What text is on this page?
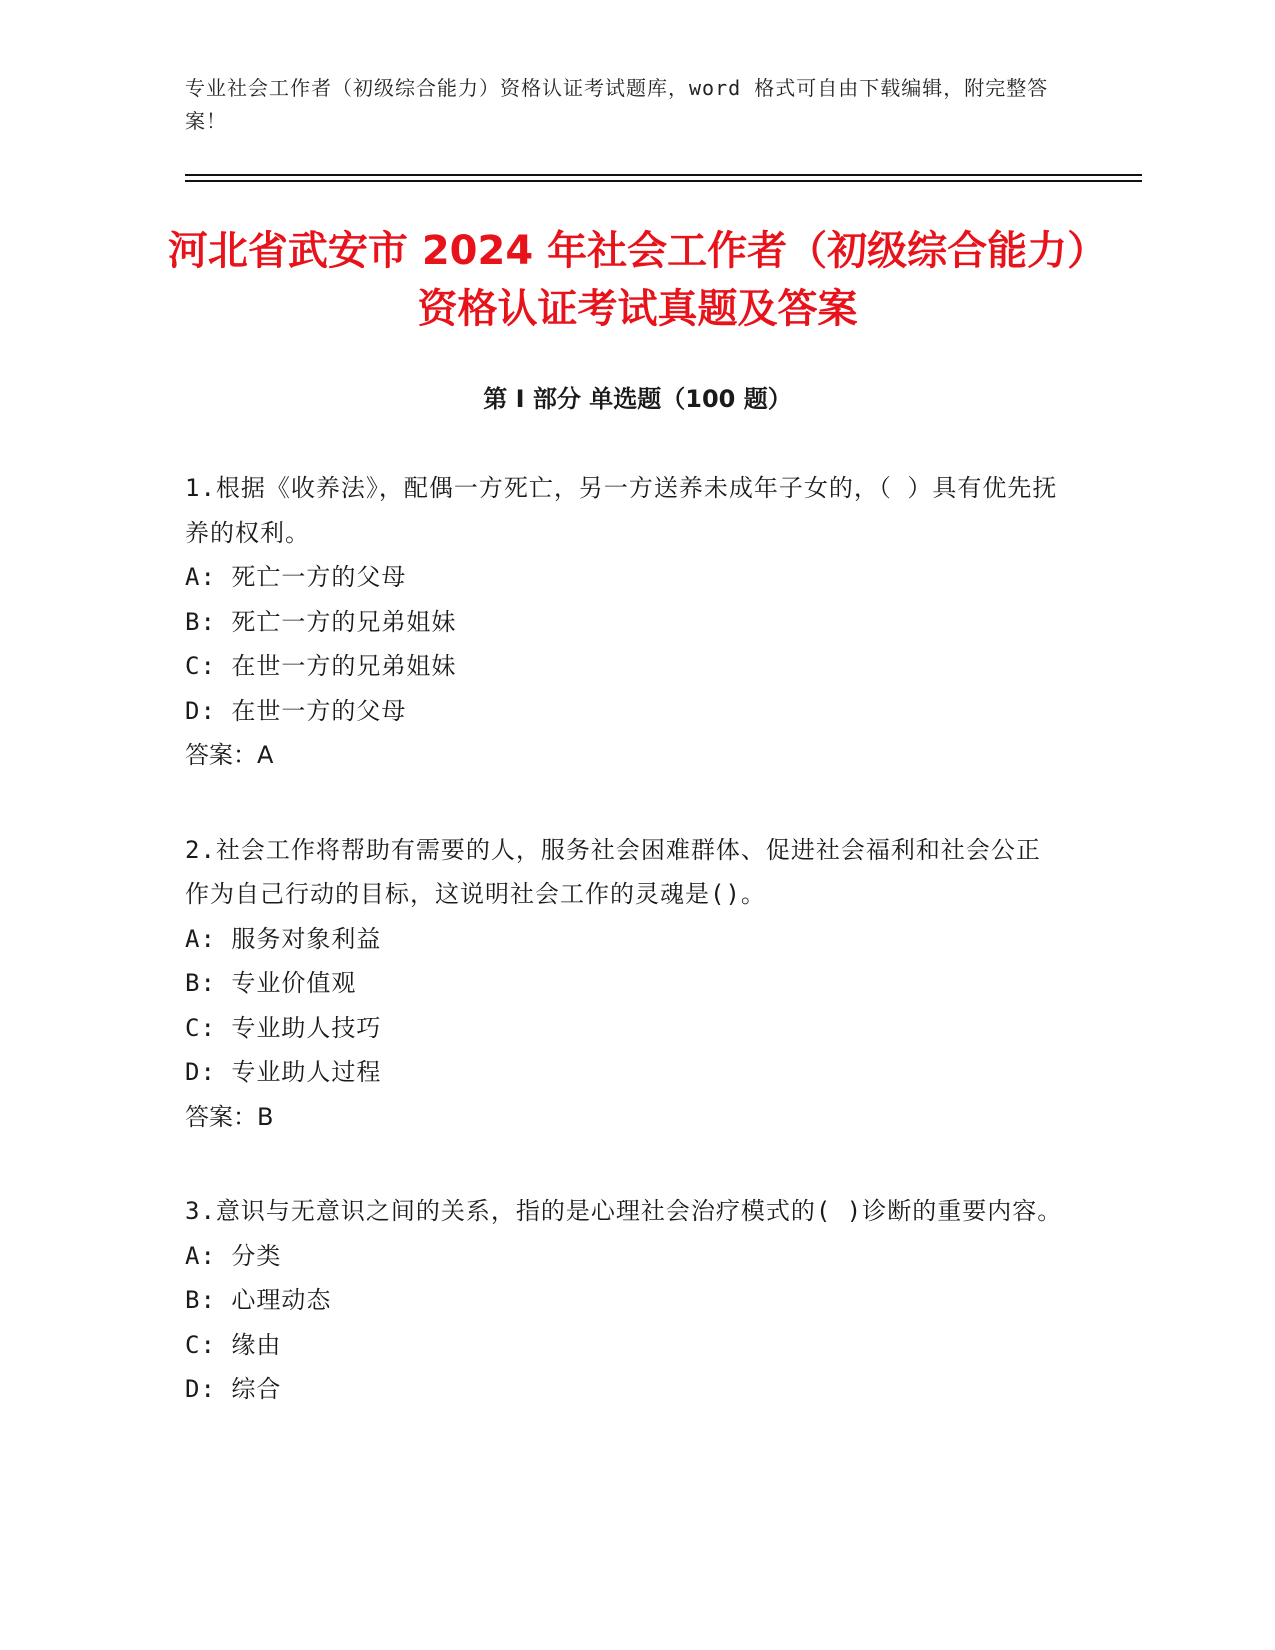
专业社会工作者（初级综合能力）资格认证考试题库，word 格式可自由下载编辑，附完整答案！
河北省武安市 2024 年社会工作者（初级综合能力）资格认证考试真题及答案
第 I 部分 单选题（100 题）

1.根据《收养法》，配偶一方死亡，另一方送养未成年子女的，（ ）具有优先抚养的权利。

A: 死亡一方的父母

B: 死亡一方的兄弟姐妹

C: 在世一方的兄弟姐妹

D: 在世一方的父母

答案：A

2.社会工作将帮助有需要的人，服务社会困难群体、促进社会福利和社会公正作为自己行动的目标，这说明社会工作的灵魂是()。

A: 服务对象利益

B: 专业价值观

C: 专业助人技巧

D: 专业助人过程

答案：B

3.意识与无意识之间的关系，指的是心理社会治疗模式的( )诊断的重要内容。

A: 分类

B: 心理动态

C: 缘由

D: 综合
